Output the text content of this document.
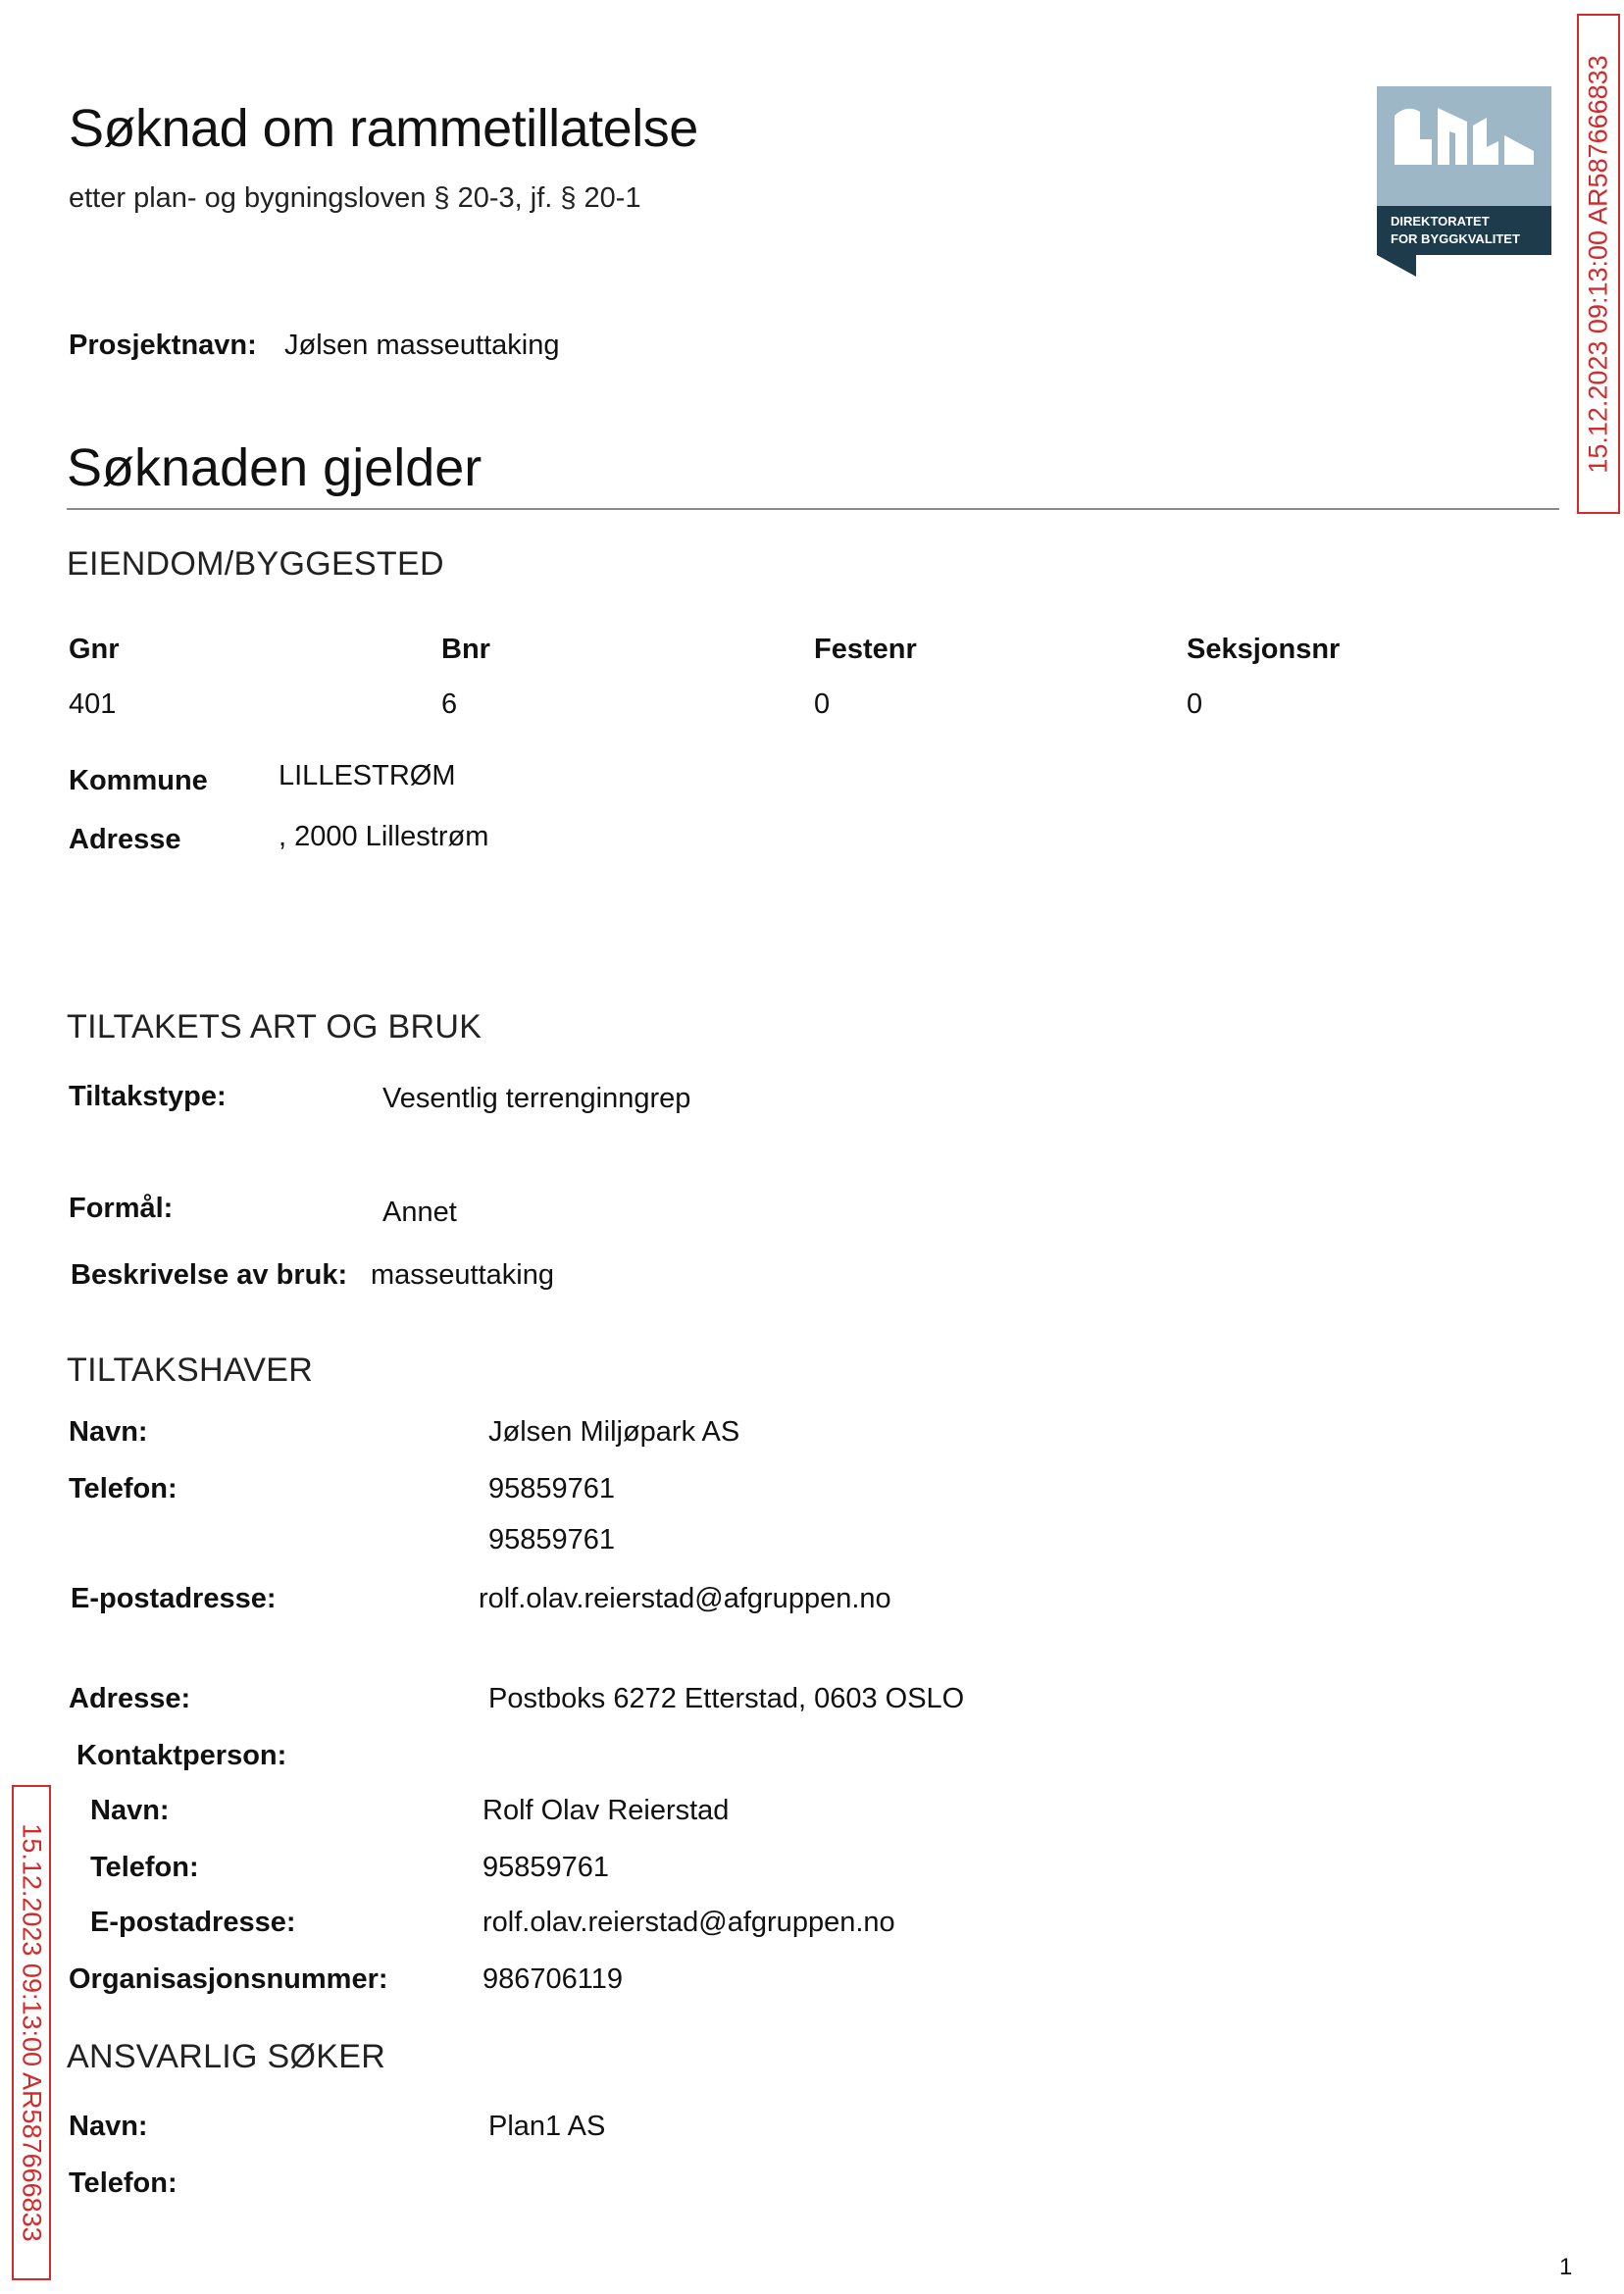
Søknad om rammetillatelse
etter plan- og bygningsloven § 20-3, jf. § 20-1
DIREKTORATET
FOR BYGGKVALITET 15.12.2023 09:13:00 AR587666833
15.12.2023 09:13:00 AR587666833
Prosjektnavn: Jølsen masseuttaking
Søknaden gjelder
EIENDOM/BYGGESTED
Gnr	Bnr	Festenr	Seksjonsnr
401	6	0	0
Kommune LILLESTRØM
Adresse	, 2000 Lillestrøm
TILTAKETS ART OG BRUK
Tiltakstype:	Vesentlig terrenginngrep
Formål:	Annet
Beskrivelse av bruk: masseuttaking
TILTAKSHAVER
Navn:	Jølsen Miljøpark AS
Telefon:	95859761
95859761
E-postadresse:	rolf.olav.reierstad@afgruppen.no
Adresse:	Postboks 6272 Etterstad, 0603 OSLO
Kontaktperson:
Navn:	Rolf Olav Reierstad
Telefon:	95859761
E-postadresse:	rolf.olav.reierstad@afgruppen.no
Organisasjonsnummer:	986706119
ANSVARLIG SØKER
Navn:	Plan1 AS
Telefon:
1
